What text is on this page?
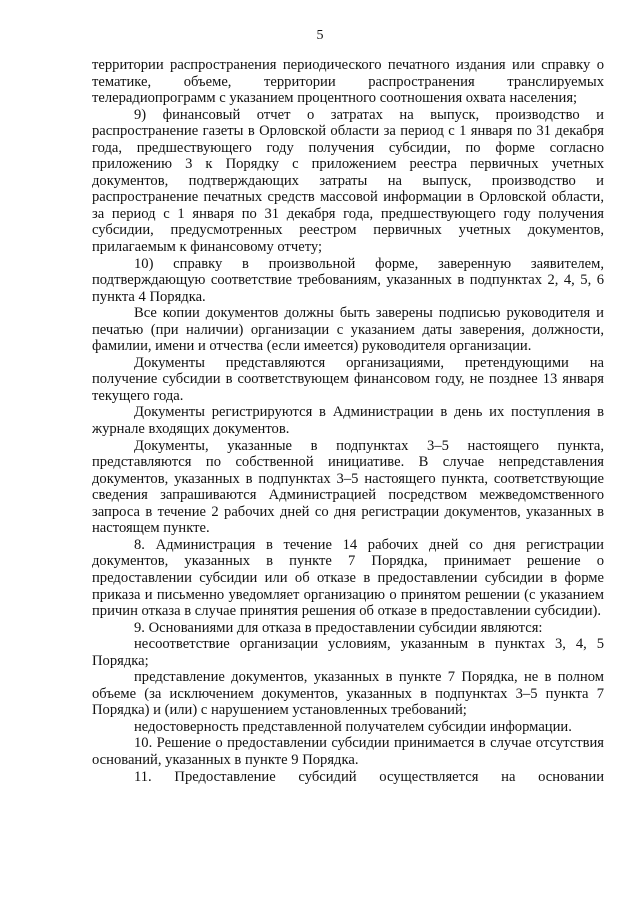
5

территории распространения периодического печатного издания или справку о тематике, объеме, территории распространения транслируемых телерадиопрограмм с указанием процентного соотношения охвата населения;

9) финансовый отчет о затратах на выпуск, производство и распространение газеты в Орловской области за период с 1 января по 31 декабря года, предшествующего году получения субсидии, по форме согласно приложению 3 к Порядку с приложением реестра первичных учетных документов, подтверждающих затраты на выпуск, производство и распространение печатных средств массовой информации в Орловской области, за период с 1 января по 31 декабря года, предшествующего году получения субсидии, предусмотренных реестром первичных учетных документов, прилагаемым к финансовому отчету;

10) справку в произвольной форме, заверенную заявителем, подтверждающую соответствие требованиям, указанных в подпунктах 2, 4, 5, 6 пункта 4 Порядка.

Все копии документов должны быть заверены подписью руководителя и печатью (при наличии) организации с указанием даты заверения, должности, фамилии, имени и отчества (если имеется) руководителя организации.

Документы представляются организациями, претендующими на получение субсидии в соответствующем финансовом году, не позднее 13 января текущего года.

Документы регистрируются в Администрации в день их поступления в журнале входящих документов.

Документы, указанные в подпунктах 3–5 настоящего пункта, представляются по собственной инициативе. В случае непредставления документов, указанных в подпунктах 3–5 настоящего пункта, соответствующие сведения запрашиваются Администрацией посредством межведомственного запроса в течение 2 рабочих дней со дня регистрации документов, указанных в настоящем пункте.

8. Администрация в течение 14 рабочих дней со дня регистрации документов, указанных в пункте 7 Порядка, принимает решение о предоставлении субсидии или об отказе в предоставлении субсидии в форме приказа и письменно уведомляет организацию о принятом решении (с указанием причин отказа в случае принятия решения об отказе в предоставлении субсидии).

9. Основаниями для отказа в предоставлении субсидии являются:

несоответствие организации условиям, указанным в пунктах 3, 4, 5 Порядка;

представление документов, указанных в пункте 7 Порядка, не в полном объеме (за исключением документов, указанных в подпунктах 3–5 пункта 7 Порядка) и (или) с нарушением установленных требований;

недостоверность представленной получателем субсидии информации.

10. Решение о предоставлении субсидии принимается в случае отсутствия оснований, указанных в пункте 9 Порядка.

11. Предоставление субсидий осуществляется на основании
